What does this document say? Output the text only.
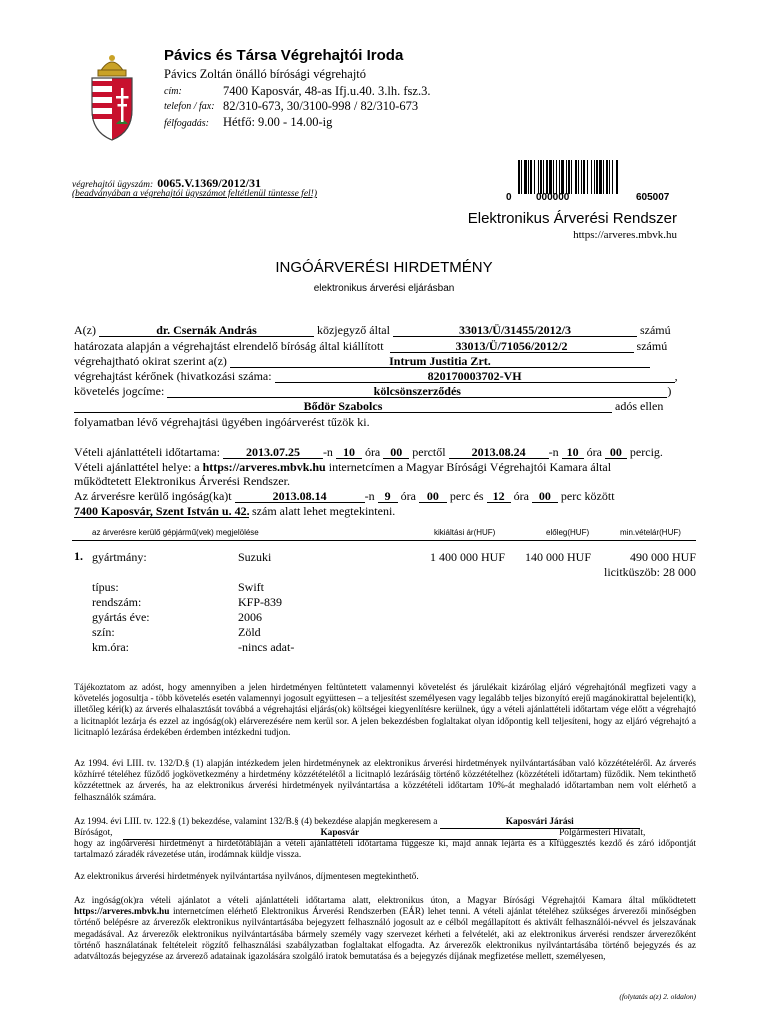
Pávics és Társa Végrehajtói Iroda
Pávics Zoltán önálló bírósági végrehajtó
cím:	7400 Kaposvár, 48-as Ifj.u.40. 3.lh. fsz.3.
telefon / fax: 82/310-673, 30/3100-998 / 82/310-673
félfogadás: Hétfő: 9.00 - 14.00-ig
végrehajtói ügyszám: 0065.V.1369/2012/31
(beadványában a végrehajtói ügyszámot feltétlenül tüntesse fel!)	0 000000	605007
Elektronikus Árverési Rendszer
https://arveres.mbvk.hu
INGÓÁRVERÉSI HIRDETMÉNY
elektronikus árverési eljárásban
A(z)	dr. Csernák András	közjegyző által	33013/Ü/31455/2012/3	számú
határozata alapján a végrehajtást elrendelő bíróság által kiállított	33013/Ü/71056/2012/2	számú
végrehajtható okirat szerint a(z)	Intrum Justitia Zrt.
végrehajtást kérőnek (hivatkozási száma:	820170003702-VH	,
követelés jogcíme:	kölcsönszerződés	)
Bődör Szabolcs	adós ellen
folyamatban lévő végrehajtási ügyében ingóárverést tűzök ki.
Vételi ajánlattételi időtartama: 2013.07.25 -n 10 óra 00 perctől 2013.08.24 -n 10 óra 00 percig.
Vételi ajánlattétel helye: a https://arveres.mbvk.hu internetcímen a Magyar Bírósági Végrehajtói Kamara által
működtetett Elektronikus Árverési Rendszer.
Az árverésre kerülő ingóság(ka)t	2013.08.14	-n 9 óra 00 perc és 12 óra 00 perc között
7400 Kaposvár, Szent István u. 42. szám alatt lehet megtekinteni.
az árverésre kerülő gépjármű(vek) megjelölése	kikiáltási ár(HUF)	előleg(HUF)	min.vételár(HUF)
1. gyártmány:	Suzuki	1 400 000 HUF 140 000 HUF	490 000 HUF
licitküszöb: 28 000
típus:	Swift
rendszám:	KFP-839
gyártás éve:	2006
szín:	Zöld
km.óra:	-nincs adat-
Tájékoztatom az adóst, hogy amennyiben a jelen hirdetményen feltüntetett valamennyi követelést és járulékait kizárólag eljáró végrehajtónál megfizeti vagy a követelés jogosultja - több követelés esetén valamennyi jogosult együttesen – a teljesítést személyesen vagy legalább teljes bizonyító erejű magánokirattal bejelenti(k), illetőleg kéri(k) az árverés elhalasztását továbbá a végrehajtási eljárás(ok) költségei kiegyenlítésre kerülnek, úgy a vételi ajánlattételi időtartam vége előtt a végrehajtó a licitnaplót lezárja és ezzel az ingóság(ok) elárverezésére nem kerül sor. A jelen bekezdésben foglaltakat olyan időpontig kell teljesíteni, hogy az eljáró végrehajtó a licitnapló lezárása érdekében érdemben intézkedni tudjon.
Az 1994. évi LIII. tv. 132/D.§ (1) alapján intézkedem jelen hirdetménynek az elektronikus árverési hirdetmények nyilvántartásában való közzétételéről. Az árverés közhírré tételéhez fűződő jogkövetkezmény a hirdetmény közzétételétől a licitnapló lezárásáig történő közzétételhez (közzétételi időtartam) fűződik. Nem tekinthető közzétettnek az árverés, ha az elektronikus árverési hirdetmények nyilvántartása a közzétételi időtartam 10%-át meghaladó időtartamban nem volt elérhető a felhasználók számára.
Az 1994. évi LIII. tv. 122.§ (1) bekezdése, valamint 132/B.§ (4) bekezdése alapján megkeresem a	Kaposvári Járási
Bíróságot,	Kaposvár	Polgármesteri Hivatalt,
hogy az ingóárverési hirdetményt a hirdetőtábláján a vételi ajánlattételi időtartama függesze ki, majd annak lejárta és a kifüggesztés kezdő és záró időpontját tartalmazó záradék rávezetése után, irodámnak küldje vissza.
Az elektronikus árverési hirdetmények nyilvántartása nyilvános, díjmentesen megtekinthető.
Az ingóság(ok)ra vételi ajánlatot a vételi ajánlattételi időtartama alatt, elektronikus úton, a Magyar Bírósági Végrehajtói Kamara által működtetett https://arveres.mbvk.hu internetcímen elérhető Elektronikus Árverési Rendszerben (EÁR) lehet tenni. A vételi ajánlat tételéhez szükséges árverezői minőségben történő belépésre az árverezők elektronikus nyilvántartásába bejegyzett felhasználó jogosult az e célból megállapított és aktivált felhasználói-névvel és jelszavának megadásával. Az árverezők elektronikus nyilvántartásába bármely személy vagy szervezet kérheti a felvételét, aki az elektronikus árverési rendszer árverezőként történő használatának feltételeit rögzítő felhasználási szabályzatban foglaltakat elfogadta. Az árverezők elektronikus nyilvántartásába történő bejegyzés és az adatváltozás bejegyzése az árverező adatainak igazolására szolgáló iratok bemutatása és a bejegyzés díjának megfizetése mellett, személyesen,
(folytatás a(z) 2. oldalon)
